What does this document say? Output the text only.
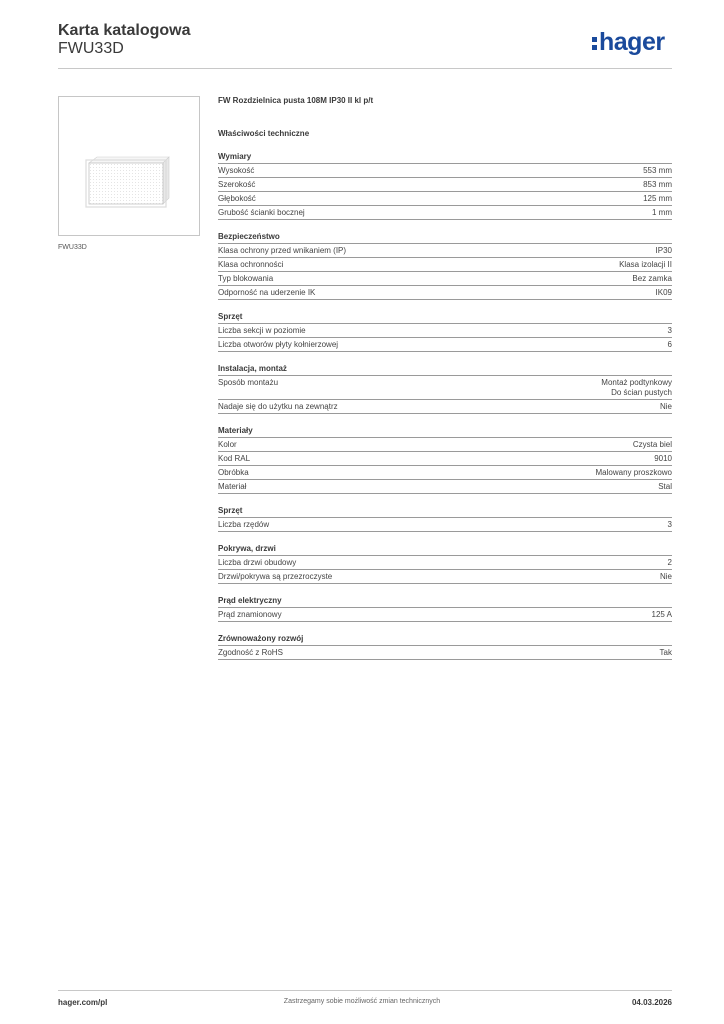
Karta katalogowa
FWU33D	hager
FWU33D
FW Rozdzielnica pusta 108M IP30 II kl p/t
Właściwości techniczne
Wymiary
Wysokość	553 mm
Szerokość	853 mm
Głębokość	125 mm
Grubość ścianki bocznej	1 mm
Bezpieczeństwo
Klasa ochrony przed wnikaniem (IP)	IP30
Klasa ochronności	Klasa izolacji II
Typ blokowania	Bez zamka
Odporność na uderzenie IK	IK09
Sprzęt
Liczba sekcji w poziomie	3
Liczba otworów płyty kołnierzowej	6
Instalacja, montaż
Sposób montażu	Montaż podtynkowy
Do ścian pustych
Nadaje się do użytku na zewnątrz	Nie
Materiały
Kolor	Czysta biel
Kod RAL	9010
Obróbka	Malowany proszkowo
Materiał	Stal
Sprzęt
Liczba rzędów	3
Pokrywa, drzwi
Liczba drzwi obudowy	2
Drzwi/pokrywa są przezroczyste	Nie
Prąd elektryczny
Prąd znamionowy	125 A
Zrównoważony rozwój
Zgodność z RoHS	Tak
hager.com/pl	Zastrzegamy sobie możliwość zmian technicznych	04.03.2026
